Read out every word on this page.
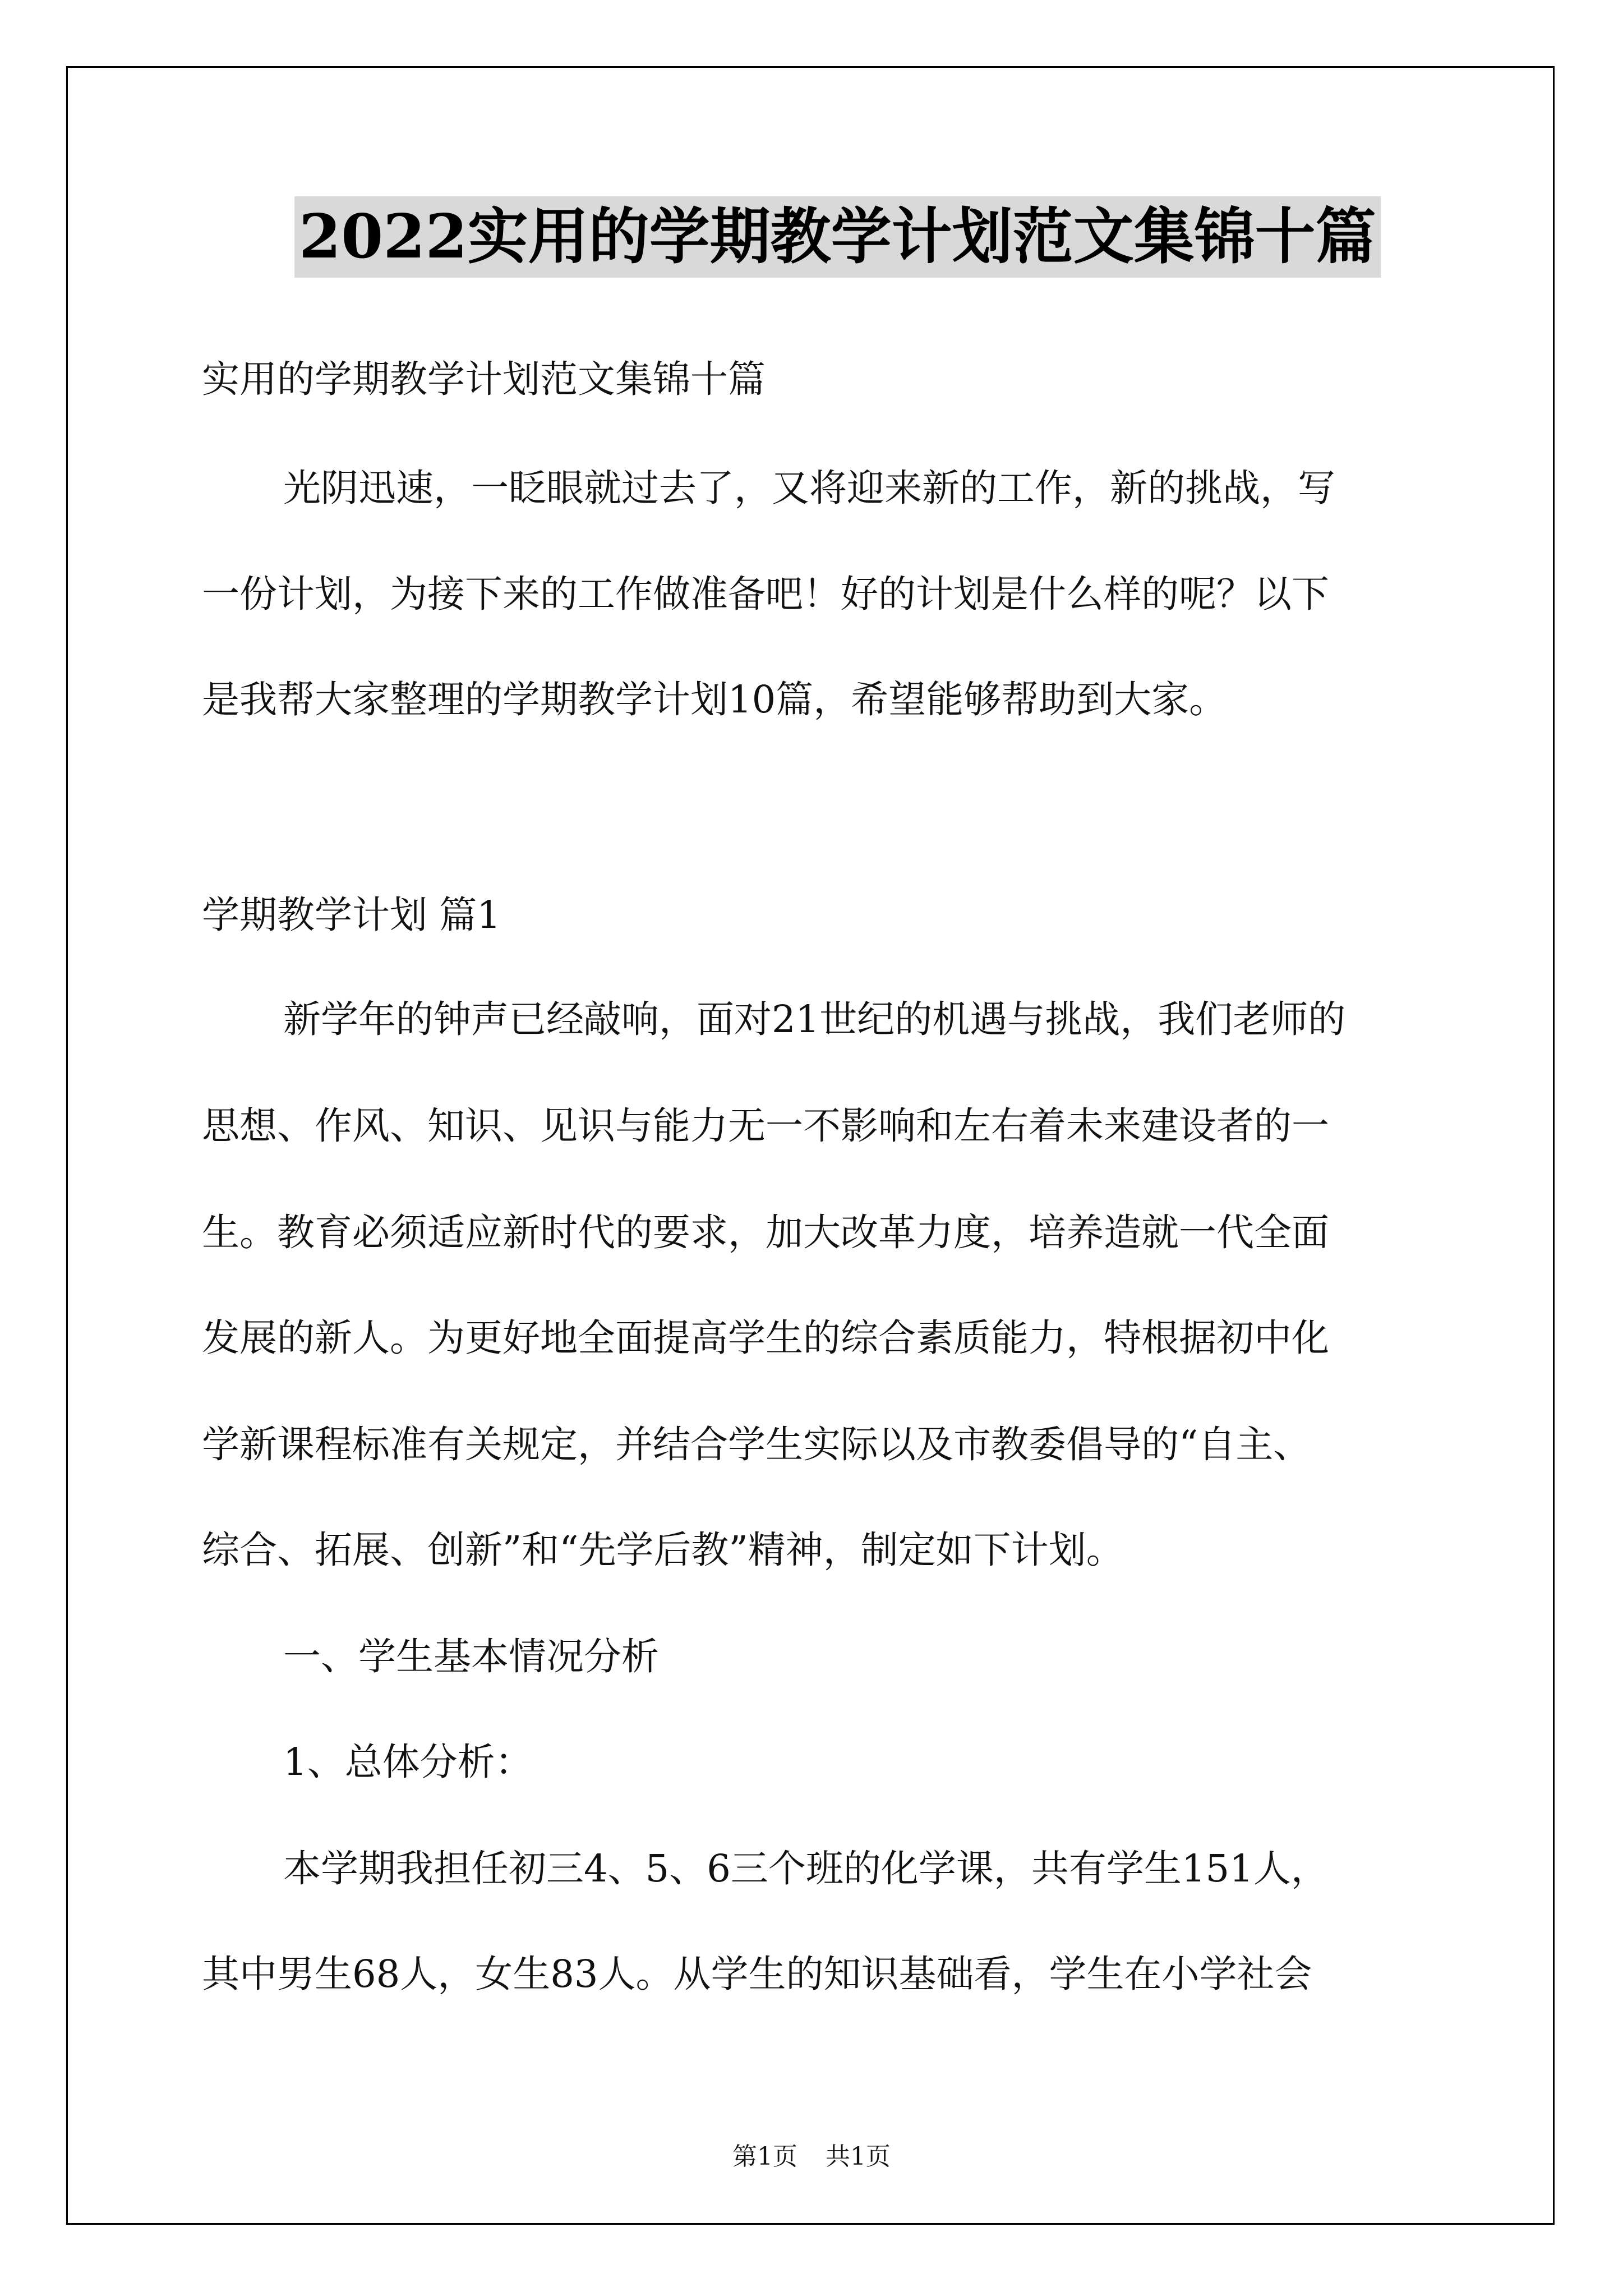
2022实用的学期教学计划范文集锦十篇
实用的学期教学计划范文集锦十篇
光阴迅速，一眨眼就过去了，又将迎来新的工作，新的挑战，写
一份计划，为接下来的工作做准备吧！好的计划是什么样的呢？以下
是我帮大家整理的学期教学计划10篇，希望能够帮助到大家。
学期教学计划 篇1
新学年的钟声已经敲响，面对21世纪的机遇与挑战，我们老师的
思想、作风、知识、见识与能力无一不影响和左右着未来建设者的一
生。教育必须适应新时代的要求，加大改革力度，培养造就一代全面
发展的新人。为更好地全面提高学生的综合素质能力，特根据初中化
学新课程标准有关规定，并结合学生实际以及市教委倡导的“自主、
综合、拓展、创新”和“先学后教”精神，制定如下计划。
一、学生基本情况分析
1、总体分析：
本学期我担任初三4、5、6三个班的化学课，共有学生151人，
其中男生68人，女生83人。从学生的知识基础看，学生在小学社会
第1页 共1页
